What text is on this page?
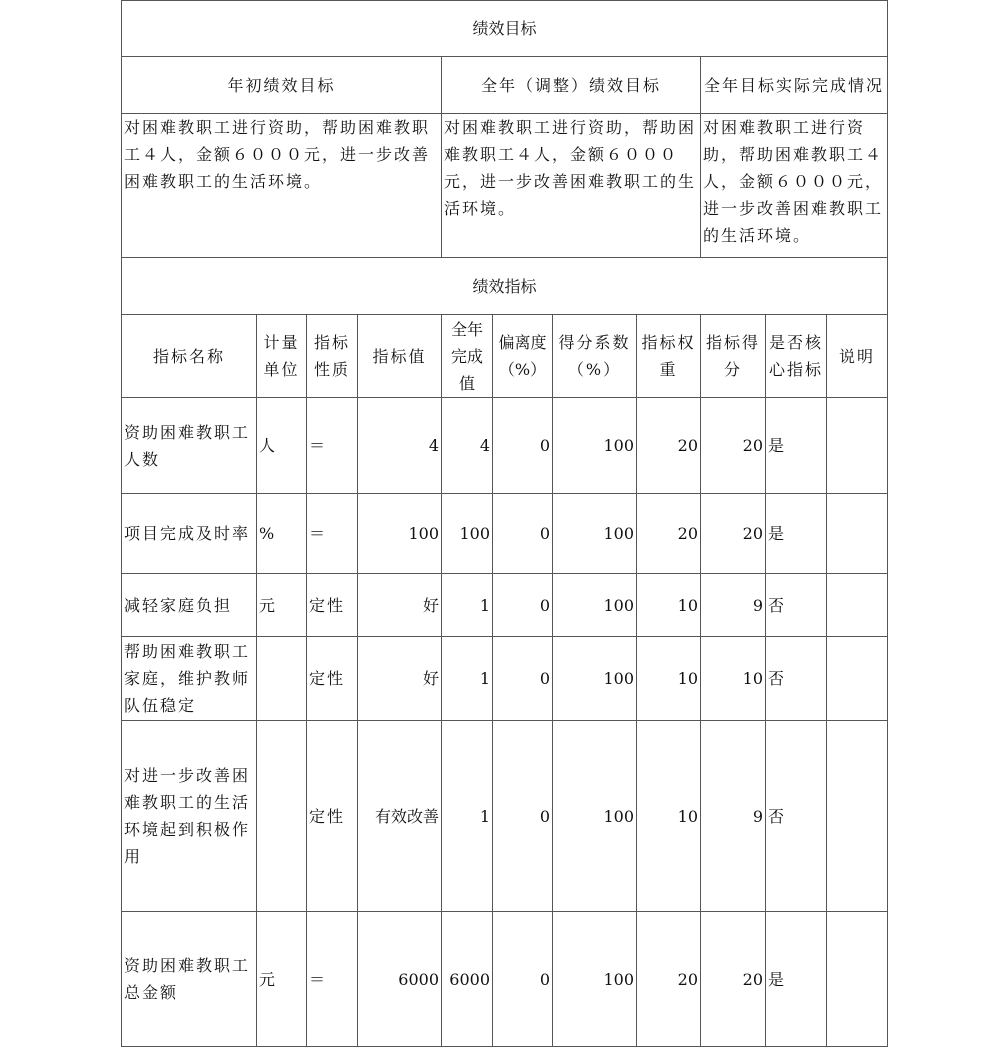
绩效目标										
年初绩效目标				全年（调整）绩效目标				全年目标实际完成情况		
对困难教职工进行资助，帮助困难教职工４人，金额６０００元，进一步改善困难教职工的生活环境。				对困难教职工进行资助，帮助困难教职工４人，金额６０００元，进一步改善困难教职工的生活环境。				对困难教职工进行资助，帮助困难教职工４人，金额６０００元，进一步改善困难教职工的生活环境。		
绩效指标										
指标名称	计量单位	指标性质	指标值	全年完成值	偏离度（%）	得分系数（%）	指标权重	指标得分	是否核心指标	说明
资助困难教职工人数	人	＝	4	4	0	100	20	20	是	
项目完成及时率	%	＝	100	100	0	100	20	20	是	
减轻家庭负担	元	定性	好	1	0	100	10	9	否	
帮助困难教职工家庭，维护教师队伍稳定		定性	好	1	0	100	10	10	否	
对进一步改善困难教职工的生活环境起到积极作用		定性	有效改善	1	0	100	10	9	否	
资助困难教职工总金额	元	＝	6000	6000	0	100	20	20	是	
